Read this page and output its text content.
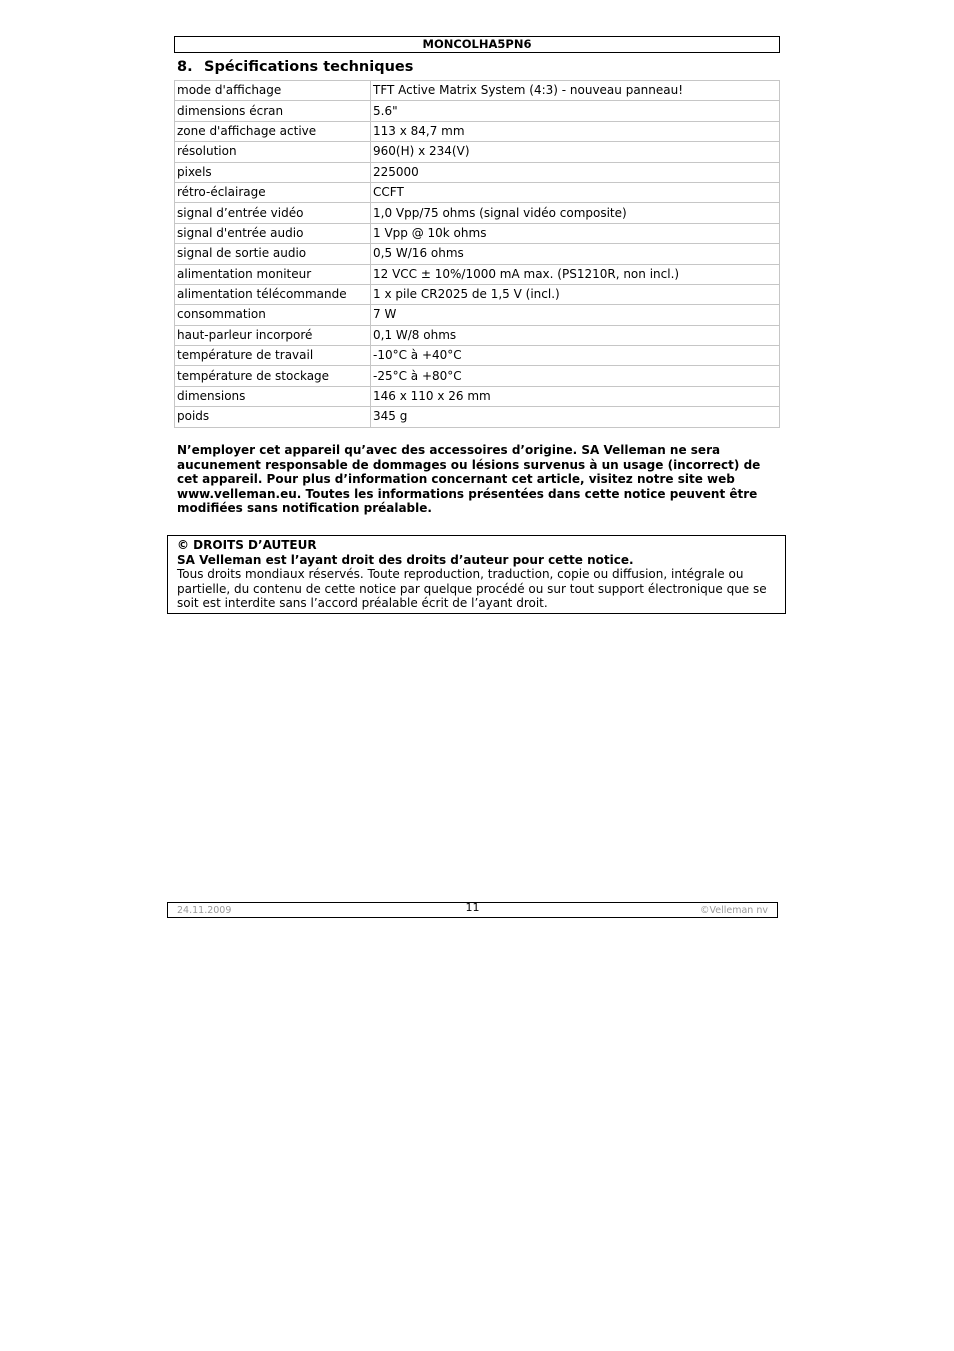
MONCOLHA5PN6
8. Spécifications techniques
mode d'affichage	TFT Active Matrix System (4:3) - nouveau panneau!
dimensions écran	5.6"
zone d'affichage active	113 x 84,7 mm
résolution	960(H) x 234(V)
pixels	225000
rétro-éclairage	CCFT
signal d’entrée vidéo	1,0 Vpp/75 ohms (signal vidéo composite)
signal d'entrée audio	1 Vpp @ 10k ohms
signal de sortie audio	0,5 W/16 ohms
alimentation moniteur	12 VCC ± 10%/1000 mA max. (PS1210R, non incl.)
alimentation télécommande	1 x pile CR2025 de 1,5 V (incl.)
consommation	7 W
haut-parleur incorporé	0,1 W/8 ohms
température de travail	-10°C à +40°C
température de stockage	-25°C à +80°C
dimensions	146 x 110 x 26 mm
poids	345 g
N’employer cet appareil qu’avec des accessoires d’origine. SA Velleman ne sera
aucunement responsable de dommages ou lésions survenus à un usage (incorrect) de
cet appareil. Pour plus d’information concernant cet article, visitez notre site web
www.velleman.eu. Toutes les informations présentées dans cette notice peuvent être
modifiées sans notification préalable.
© DROITS D’AUTEUR
SA Velleman est l’ayant droit des droits d’auteur pour cette notice.
Tous droits mondiaux réservés. Toute reproduction, traduction, copie ou diffusion, intégrale ou
partielle, du contenu de cette notice par quelque procédé ou sur tout support électronique que se
soit est interdite sans l’accord préalable écrit de l’ayant droit.
24.11.2009	11	©Velleman nv
